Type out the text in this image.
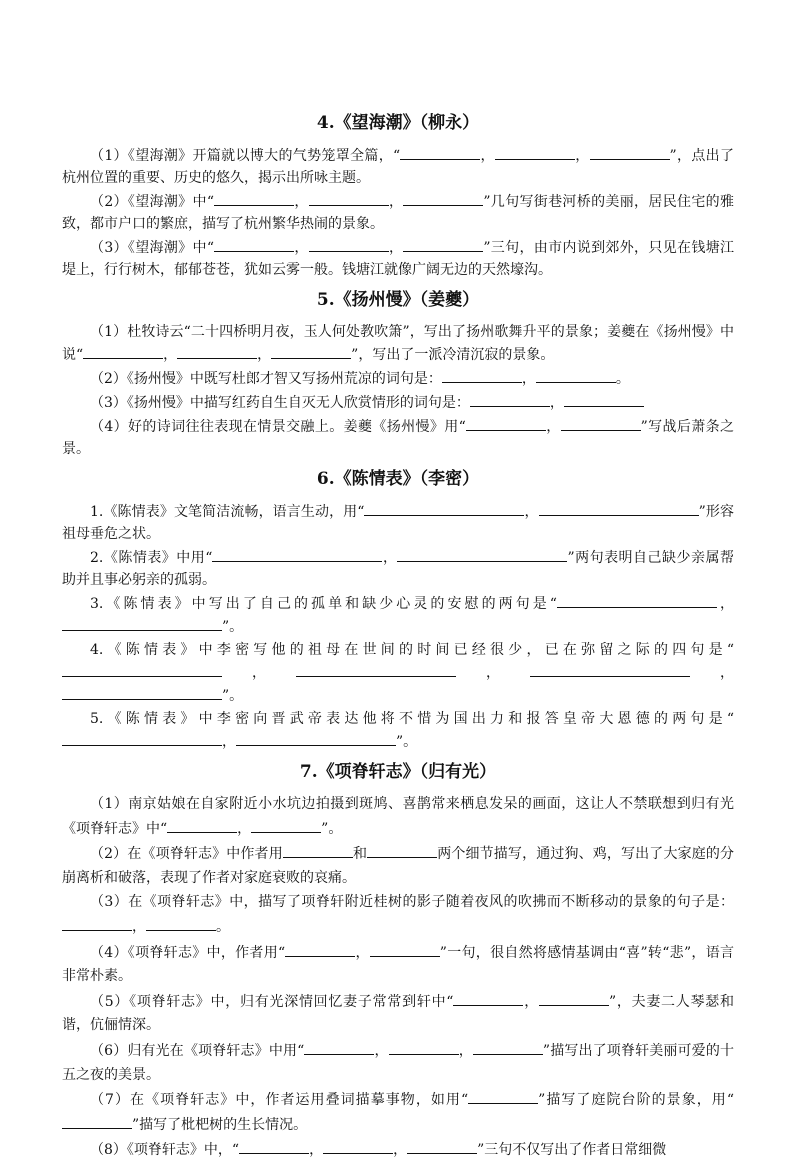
4.《望海潮》（柳永）

（1）《望海潮》开篇就以博大的气势笼罩全篇，“	，	，	”，点出了杭州位置的重要、历史的悠久，揭示出所咏主题。

（2）《望海潮》中“	，	，	”几句写街巷河桥的美丽，居民住宅的雅致，都市户口的繁庶，描写了杭州繁华热闹的景象。

（3）《望海潮》中“	，	，	”三句，由市内说到郊外，只见在钱塘江堤上，行行树木，郁郁苍苍，犹如云雾一般。钱塘江就像广阔无边的天然壕沟。

5.《扬州慢》（姜夔）

（1）杜牧诗云“二十四桥明月夜，玉人何处教吹箫”，写出了扬州歌舞升平的景象；姜夔在《扬州慢》中说“	，	，	”，写出了一派冷清沉寂的景象。

（2）《扬州慢》中既写杜郎才智又写扬州荒凉的词句是：	，	。

（3）《扬州慢》中描写红药自生自灭无人欣赏情形的词句是：	，

（4）好的诗词往往表现在情景交融上。姜夔《扬州慢》用“	，	”写战后萧条之景。

6.《陈情表》（李密）

1.《陈情表》文笔简洁流畅，语言生动，用“	，	”形容祖母垂危之状。

2.《陈情表》中用“	，	”两句表明自己缺少亲属帮助并且事必躬亲的孤弱。

3.《陈情表》中写出了自己的孤单和缺少心灵的安慰的两句是“	，”。

4.《陈情表》中李密写他的祖母在世间的时间已经很少，已在弥留之际的四句是“，	，	，”。

5.《陈情表》中李密向晋武帝表达他将不惜为国出力和报答皇帝大恩德的两句是“，	”。

7.《项脊轩志》（归有光）

（1）南京姑娘在自家附近小水坑边拍摄到斑鸠、喜鹊常来栖息发呆的画面，这让人不禁联想到归有光《项脊轩志》中“	，	”。

（2）在《项脊轩志》中作者用	和	两个细节描写，通过狗、鸡，写出了大家庭的分崩离析和破落，表现了作者对家庭衰败的哀痛。

（3）在《项脊轩志》中，描写了项脊轩附近桂树的影子随着夜风的吹拂而不断移动的景象的句子是：，	。

（4）《项脊轩志》中，作者用“	，	”一句，很自然将感情基调由“喜”转“悲”，语言非常朴素。

（5）《项脊轩志》中，归有光深情回忆妻子常常到轩中“	，	”，夫妻二人琴瑟和谐，伉俪情深。

（6）归有光在《项脊轩志》中用“	，	，	”描写出了项脊轩美丽可爱的十五之夜的美景。

（7）在《项脊轩志》中，作者运用叠词描摹事物，如用“	”描写了庭院台阶的景象，用“”描写了枇杷树的生长情况。

（8）《项脊轩志》中，“	，	，	”三句不仅写出了作者日常细微
